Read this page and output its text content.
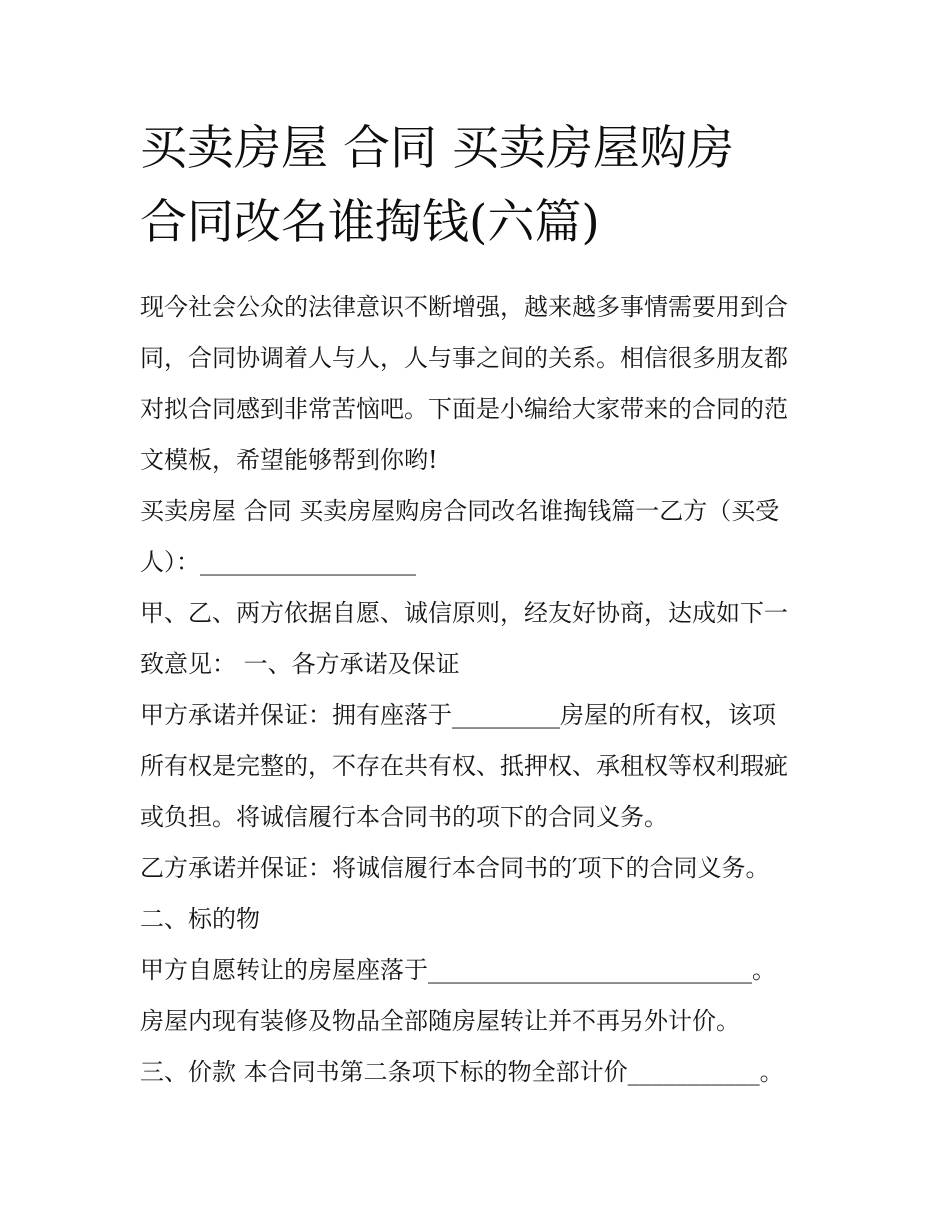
买卖房屋 合同 买卖房屋购房
合同改名谁掏钱(六篇)
现今社会公众的法律意识不断增强，越来越多事情需要用到合
同，合同协调着人与人，人与事之间的关系。相信很多朋友都
对拟合同感到非常苦恼吧。下面是小编给大家带来的合同的范
文模板，希望能够帮到你哟!
买卖房屋 合同 买卖房屋购房合同改名谁掏钱篇一乙方（买受
人）：__________________
甲、乙、两方依据自愿、诚信原则，经友好协商，达成如下一
致意见： 一、各方承诺及保证
甲方承诺并保证：拥有座落于_________房屋的所有权，该项
所有权是完整的，不存在共有权、抵押权、承租权等权利瑕疵
或负担。将诚信履行本合同书的项下的合同义务。
乙方承诺并保证：将诚信履行本合同书的′项下的合同义务。
二、标的物
甲方自愿转让的房屋座落于___________________________。
房屋内现有装修及物品全部随房屋转让并不再另外计价。
三、价款 本合同书第二条项下标的物全部计价___________。
